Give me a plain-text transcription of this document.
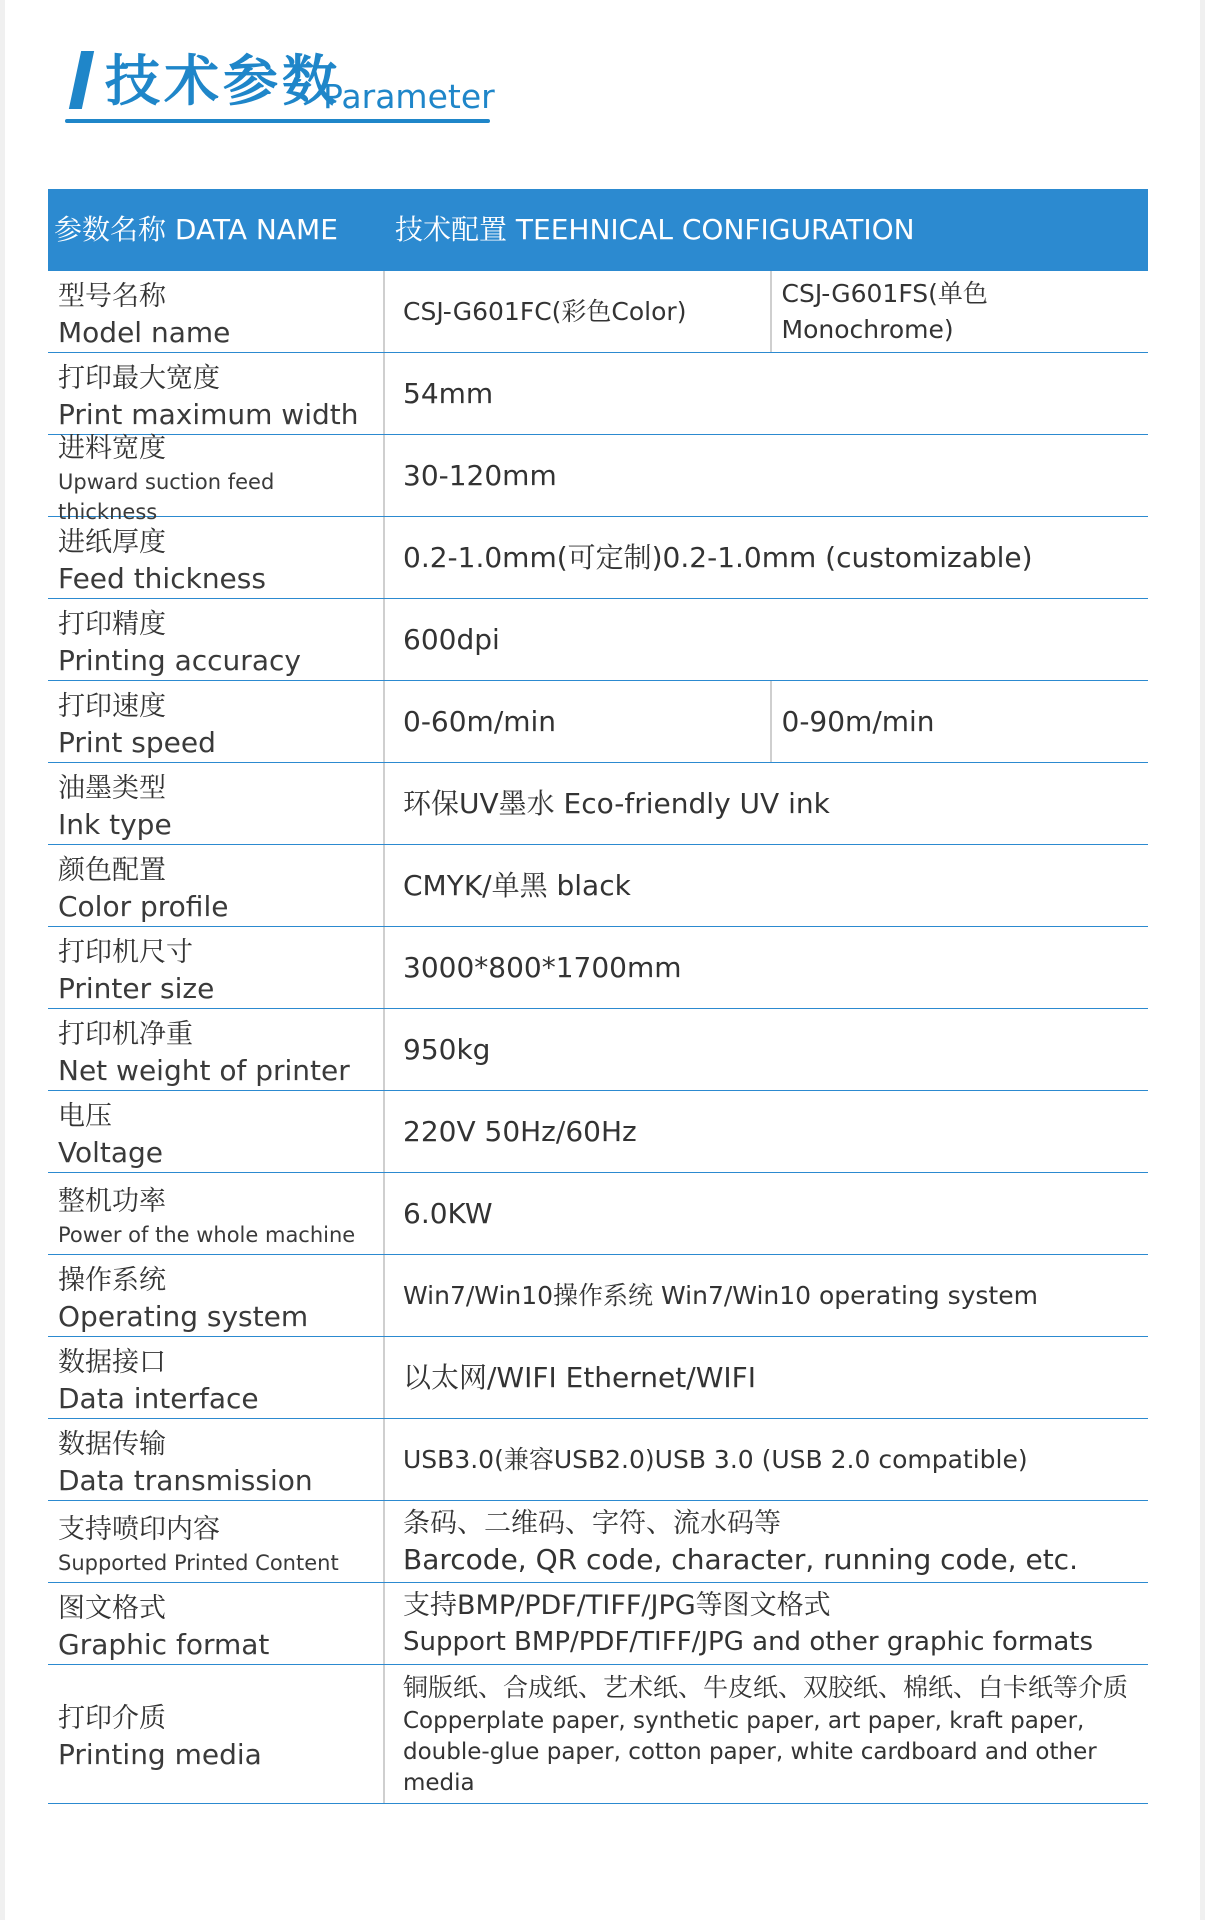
技术参数
Parameter
参数名称 DATA NAME 技术配置 TEEHNICAL CONFIGURATION
型号名称
Model name
CSJ-G601FC(彩色Color)
CSJ-G601FS(单色Monochrome)
打印最大宽度
Print maximum width
54mm
进料宽度
Upward suction feed thickness
30-120mm
进纸厚度
Feed thickness
0.2-1.0mm(可定制)0.2-1.0mm (customizable)
打印精度
Printing accuracy
600dpi
打印速度
Print speed
0-60m/min	0-90m/min
油墨类型
Ink type
环保UV墨水 Eco-friendly UV ink
颜色配置
Color profile
CMYK/单黑 black
打印机尺寸
Printer size
3000*800*1700mm
打印机净重
Net weight of printer
950kg
电压
Voltage
220V 50Hz/60Hz
整机功率
Power of the whole machine
6.0KW
操作系统
Operating system
Win7/Win10操作系统 Win7/Win10 operating system
数据接口
Data interface
以太网/WIFI Ethernet/WIFI
数据传输
Data transmission
USB3.0(兼容USB2.0)USB 3.0 (USB 2.0 compatible)
支持喷印内容
Supported Printed Content
条码、二维码、字符、流水码等
Barcode, QR code, character, running code, etc.
图文格式
Graphic format
支持BMP/PDF/TIFF/JPG等图文格式
Support BMP/PDF/TIFF/JPG and other graphic formats
打印介质
Printing media
铜版纸、合成纸、艺术纸、牛皮纸、双胶纸、棉纸、白卡纸等介质
Copperplate paper, synthetic paper, art paper, kraft paper, double-glue paper, cotton paper, white cardboard and other media
